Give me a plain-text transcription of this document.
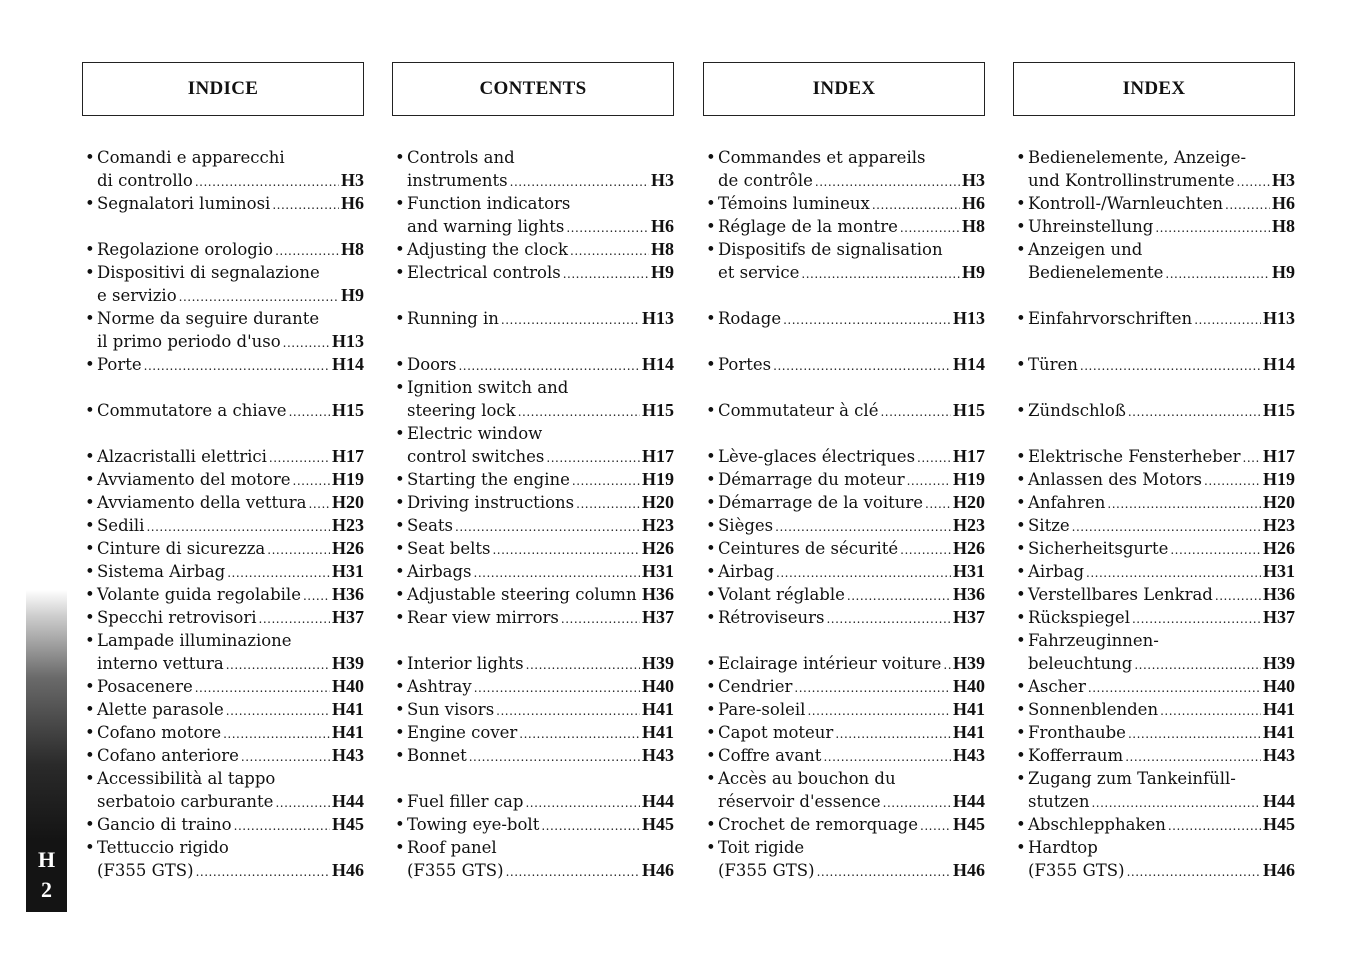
INDICE
• Comandi e apparecchi
di controllo .....	H3
• Segnalatori luminosi .....	H6
• Regolazione orologio .....	H8
• Dispositivi di segnalazione
e servizio .....	H9
• Norme da seguire durante
il primo periodo d'uso .....	H13
• Porte .....	H14
• Commutatore a chiave .....	H15
• Alzacristalli elettrici .....	H17
• Avviamento del motore ..... H19
• Avviamento della vettura ..... H20
• Sedili .....	H23
• Cinture di sicurezza .....	H26
• Sistema Airbag .....	H31
• Volante guida regolabile ..... H36
• Specchi retrovisori .....	H37
• Lampade illuminazione
interno vettura .....	H39
• Posacenere .....	H40
• Alette parasole .....	H41
• Cofano motore .....	H41
• Cofano anteriore .....	H43
• Accessibilità al tappo
serbatoio carburante .....	H44
• Gancio di traino .....	H45
• Tettuccio rigido
(F355 GTS) .....	H46
CONTENTS
• Controls and
instruments .....	H3
• Function indicators
and warning lights .....	H6
• Adjusting the clock .....	H8
• Electrical controls .....	H9
• Running in .....	H13
• Doors .....	H14
• Ignition switch and
steering lock .....	H15
• Electric window
control switches .....	H17
• Starting the engine .....	H19
• Driving instructions .....	H20
• Seats .....	H23
• Seat belts .....	H26
• Airbags .....	H31
• Adjustable steering column ..... H36
• Rear view mirrors .....	H37
• Interior lights .....	H39
• Ashtray .....	H40
• Sun visors .....	H41
• Engine cover .....	H41
• Bonnet .....	H43
• Fuel filler cap .....	H44
• Towing eye-bolt .....	H45
• Roof panel
(F355 GTS) .....	H46
INDEX
• Commandes et appareils
de contrôle .....	H3
• Témoins lumineux .....	H6
• Réglage de la montre .....	H8
• Dispositifs de signalisation
et service .....	H9
• Rodage .....	H13
• Portes .....	H14
• Commutateur à clé .....	H15
• Lève-glaces électriques ..... H17
• Démarrage du moteur .....	H19
• Démarrage de la voiture ..... H20
• Sièges .....	H23
• Ceintures de sécurité .....	H26
• Airbag .....	H31
• Volant réglable .....	H36
• Rétroviseurs .....	H37
• Eclairage intérieur voiture ..... H39
• Cendrier .....	H40
• Pare-soleil .....	H41
• Capot moteur .....	H41
• Coffre avant .....	H43
• Accès au bouchon du
réservoir d'essence .....	H44
• Crochet de remorquage ..... H45
• Toit rigide
(F355 GTS) .....	H46
INDEX
• Bedienelemente, Anzeige-
und Kontrollinstrumente ..... H3
• Kontroll-/Warnleuchten .....	H6
• Uhreinstellung .....	H8
• Anzeigen und
Bedienelemente .....	H9
• Einfahrvorschriften .....	H13
• Türen .....	H14
• Zündschloß .....	H15
• Elektrische Fensterheber ..... H17
• Anlassen des Motors .....	H19
• Anfahren .....	H20
• Sitze .....	H23
• Sicherheitsgurte .....	H26
• Airbag .....	H31
• Verstellbares Lenkrad .....	H36
• Rückspiegel .....	H37
• Fahrzeuginnen-
beleuchtung .....	H39
• Ascher .....	H40
• Sonnenblenden .....	H41
• Fronthaube .....	H41
• Kofferraum .....	H43
• Zugang zum Tankeinfüll-
stutzen .....	H44
• Abschlepphaken .....	H45
• Hardtop
(F355 GTS) .....	H46
H
2
